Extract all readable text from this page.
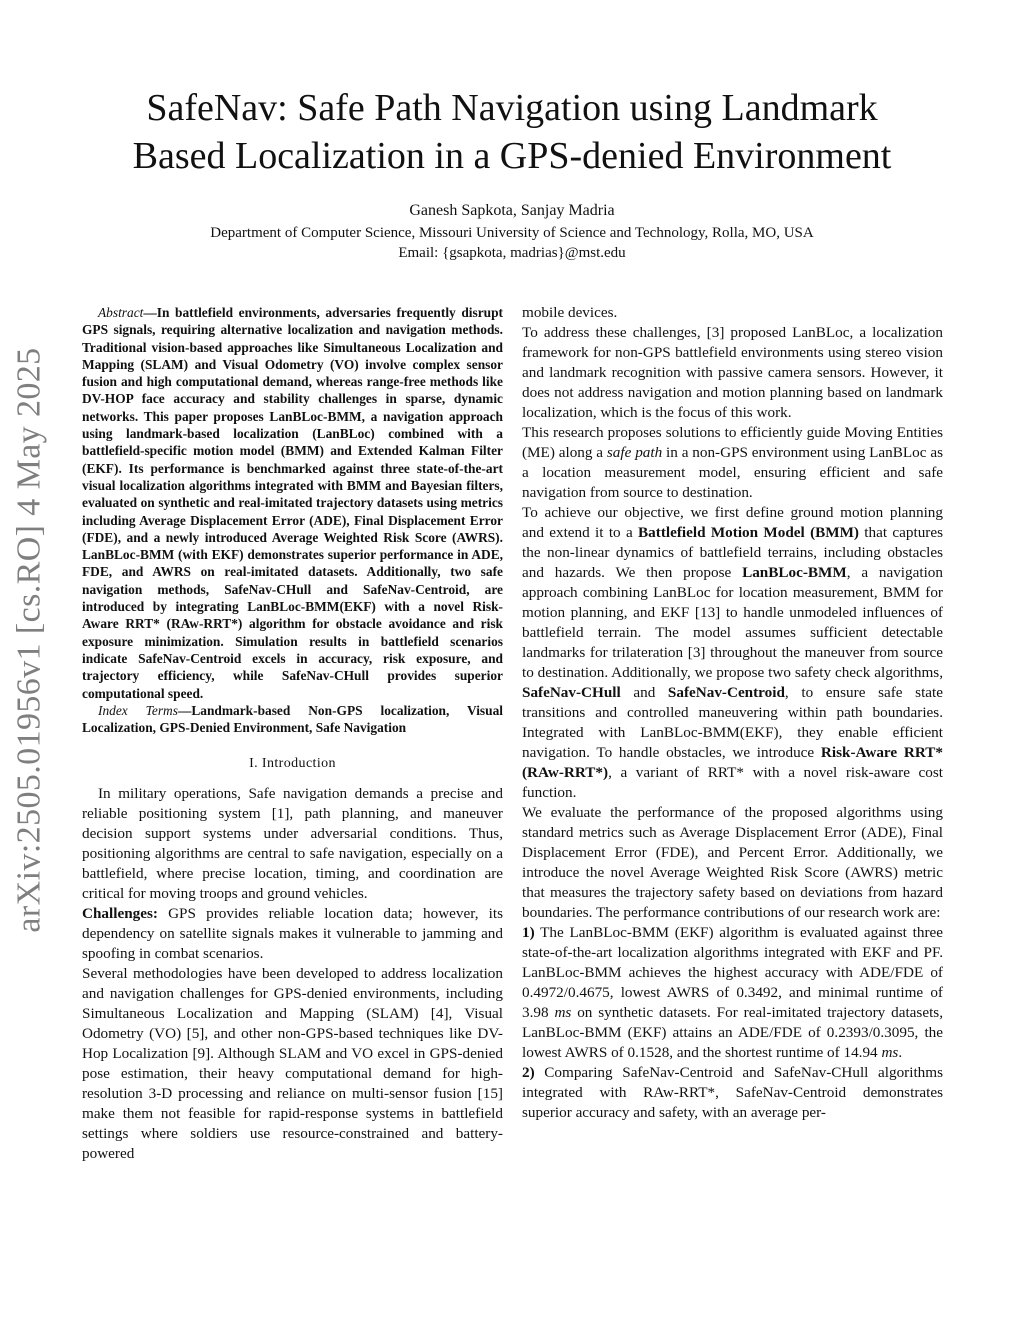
arXiv:2505.01956v1 [cs.RO] 4 May 2025
SafeNav: Safe Path Navigation using Landmark
Based Localization in a GPS-denied Environment
Ganesh Sapkota, Sanjay Madria
Department of Computer Science, Missouri University of Science and Technology, Rolla, MO, USA
Email: {gsapkota, madrias}@mst.edu

Abstract—In battlefield environments, adversaries frequently disrupt GPS signals, requiring alternative localization and navigation methods. Traditional vision-based approaches like Simultaneous Localization and Mapping (SLAM) and Visual Odometry (VO) involve complex sensor fusion and high computational demand, whereas range-free methods like DV-HOP face accuracy and stability challenges in sparse, dynamic networks. This paper proposes LanBLoc-BMM, a navigation approach using landmark-based localization (LanBLoc) combined with a battlefield-specific motion model (BMM) and Extended Kalman Filter (EKF). Its performance is benchmarked against three state-of-the-art visual localization algorithms integrated with BMM and Bayesian filters, evaluated on synthetic and real-imitated trajectory datasets using metrics including Average Displacement Error (ADE), Final Displacement Error (FDE), and a newly introduced Average Weighted Risk Score (AWRS). LanBLoc-BMM (with EKF) demonstrates superior performance in ADE, FDE, and AWRS on real-imitated datasets. Additionally, two safe navigation methods, SafeNav-CHull and SafeNav-Centroid, are introduced by integrating LanBLoc-BMM(EKF) with a novel Risk-Aware RRT* (RAw-RRT*) algorithm for obstacle avoidance and risk exposure minimization. Simulation results in battlefield scenarios indicate SafeNav-Centroid excels in accuracy, risk exposure, and trajectory efficiency, while SafeNav-CHull provides superior computational speed.

Index Terms—Landmark-based Non-GPS localization, Visual Localization, GPS-Denied Environment, Safe Navigation

I. Introduction

In military operations, Safe navigation demands a precise and reliable positioning system [1], path planning, and maneuver decision support systems under adversarial conditions. Thus, positioning algorithms are central to safe navigation, especially on a battlefield, where precise location, timing, and coordination are critical for moving troops and ground vehicles.

Challenges: GPS provides reliable location data; however, its dependency on satellite signals makes it vulnerable to jamming and spoofing in combat scenarios.

Several methodologies have been developed to address localization and navigation challenges for GPS-denied environments, including Simultaneous Localization and Mapping (SLAM) [4], Visual Odometry (VO) [5], and other non-GPS-based techniques like DV-Hop Localization [9]. Although SLAM and VO excel in GPS-denied pose estimation, their heavy computational demand for high-resolution 3-D processing and reliance on multi-sensor fusion [15] make them not feasible for rapid-response systems in battlefield settings where soldiers use resource-constrained and battery-powered

mobile devices.

To address these challenges, [3] proposed LanBLoc, a localization framework for non-GPS battlefield environments using stereo vision and landmark recognition with passive camera sensors. However, it does not address navigation and motion planning based on landmark localization, which is the focus of this work.

This research proposes solutions to efficiently guide Moving Entities (ME) along a safe path in a non-GPS environment using LanBLoc as a location measurement model, ensuring efficient and safe navigation from source to destination.

To achieve our objective, we first define ground motion planning and extend it to a Battlefield Motion Model (BMM) that captures the non-linear dynamics of battlefield terrains, including obstacles and hazards. We then propose LanBLoc-BMM, a navigation approach combining LanBLoc for location measurement, BMM for motion planning, and EKF [13] to handle unmodeled influences of battlefield terrain. The model assumes sufficient detectable landmarks for trilateration [3] throughout the maneuver from source to destination. Additionally, we propose two safety check algorithms, SafeNav-CHull and SafeNav-Centroid, to ensure safe state transitions and controlled maneuvering within path boundaries. Integrated with LanBLoc-BMM(EKF), they enable efficient navigation. To handle obstacles, we introduce Risk-Aware RRT* (RAw-RRT*), a variant of RRT* with a novel risk-aware cost function.

We evaluate the performance of the proposed algorithms using standard metrics such as Average Displacement Error (ADE), Final Displacement Error (FDE), and Percent Error. Additionally, we introduce the novel Average Weighted Risk Score (AWRS) metric that measures the trajectory safety based on deviations from hazard boundaries. The performance contributions of our research work are:

1) The LanBLoc-BMM (EKF) algorithm is evaluated against three state-of-the-art localization algorithms integrated with EKF and PF. LanBLoc-BMM achieves the highest accuracy with ADE/FDE of 0.4972/0.4675, lowest AWRS of 0.3492, and minimal runtime of 3.98 ms on synthetic datasets. For real-imitated trajectory datasets, LanBLoc-BMM (EKF) attains an ADE/FDE of 0.2393/0.3095, the lowest AWRS of 0.1528, and the shortest runtime of 14.94 ms.

2) Comparing SafeNav-Centroid and SafeNav-CHull algorithms integrated with RAw-RRT*, SafeNav-Centroid demonstrates superior accuracy and safety, with an average per-
